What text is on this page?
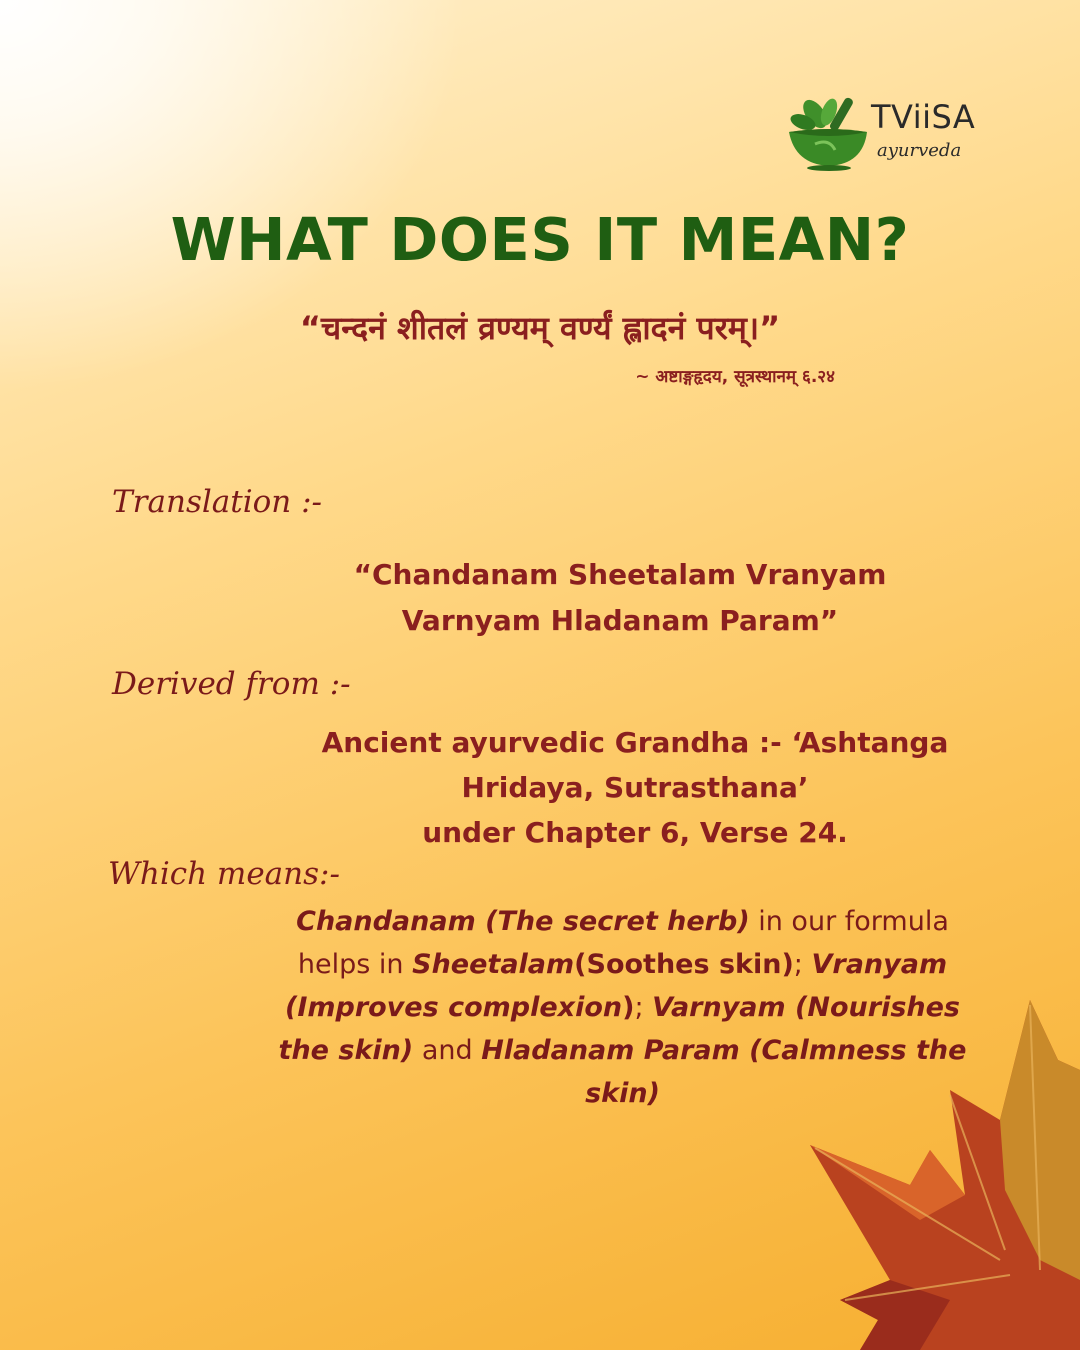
TViiSA
ayurveda
WHAT DOES IT MEAN?
“चन्दनं शीतलं व्रण्यम् वर्ण्यं ह्लादनं परम्।”
~ अष्टाङ्गहृदय, सूत्रस्थानम् ६.२४
Translation :-
“Chandanam Sheetalam Vranyam
Varnyam Hladanam Param”
Derived from :-
Ancient ayurvedic Grandha :- ‘Ashtanga
Hridaya, Sutrasthana’
under Chapter 6, Verse 24.
Which means:-
Chandanam (The secret herb) in our formula helps in Sheetalam(Soothes skin); Vranyam (Improves complexion); Varnyam (Nourishes the skin) and Hladanam Param (Calmness the skin)
